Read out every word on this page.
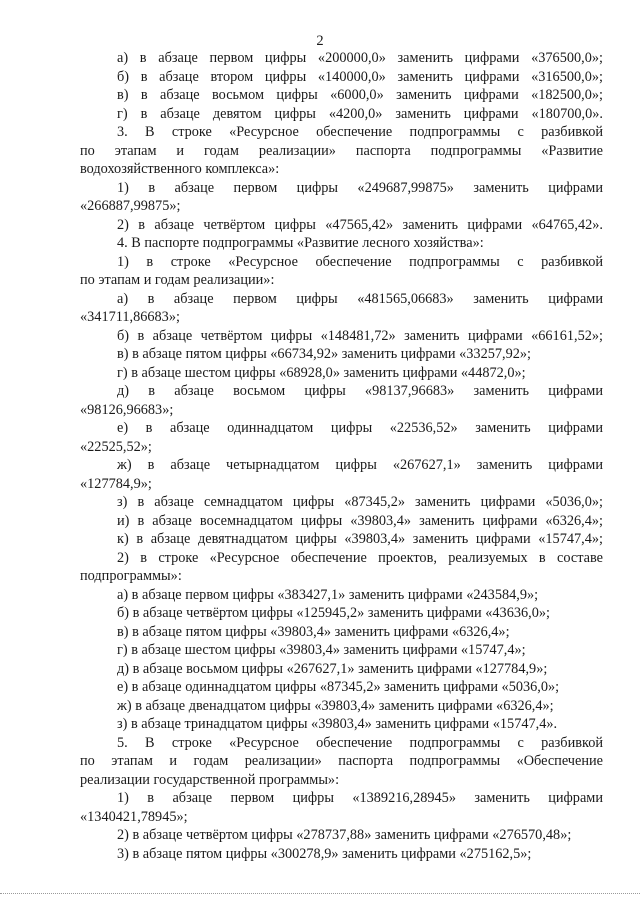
2
а) в абзаце первом цифры «200000,0» заменить цифрами «376500,0»;
б) в абзаце втором цифры «140000,0» заменить цифрами «316500,0»;
в) в абзаце восьмом цифры «6000,0» заменить цифрами «182500,0»;
г) в абзаце девятом цифры «4200,0» заменить цифрами «180700,0».
3. В строке «Ресурсное обеспечение подпрограммы с разбивкой
по этапам и годам реализации» паспорта подпрограммы «Развитие
водохозяйственного комплекса»:
1) в абзаце первом цифры «249687,99875» заменить цифрами
«266887,99875»;
2) в абзаце четвёртом цифры «47565,42» заменить цифрами «64765,42».
4. В паспорте подпрограммы «Развитие лесного хозяйства»:
1) в строке «Ресурсное обеспечение подпрограммы с разбивкой
по этапам и годам реализации»:
а) в абзаце первом цифры «481565,06683» заменить цифрами
«341711,86683»;
б) в абзаце четвёртом цифры «148481,72» заменить цифрами «66161,52»;
в) в абзаце пятом цифры «66734,92» заменить цифрами «33257,92»;
г) в абзаце шестом цифры «68928,0» заменить цифрами «44872,0»;
д) в абзаце восьмом цифры «98137,96683» заменить цифрами
«98126,96683»;
е) в абзаце одиннадцатом цифры «22536,52» заменить цифрами
«22525,52»;
ж) в абзаце четырнадцатом цифры «267627,1» заменить цифрами
«127784,9»;
з) в абзаце семнадцатом цифры «87345,2» заменить цифрами «5036,0»;
и) в абзаце восемнадцатом цифры «39803,4» заменить цифрами «6326,4»;
к) в абзаце девятнадцатом цифры «39803,4» заменить цифрами «15747,4»;
2) в строке «Ресурсное обеспечение проектов, реализуемых в составе
подпрограммы»:
а) в абзаце первом цифры «383427,1» заменить цифрами «243584,9»;
б) в абзаце четвёртом цифры «125945,2» заменить цифрами «43636,0»;
в) в абзаце пятом цифры «39803,4» заменить цифрами «6326,4»;
г) в абзаце шестом цифры «39803,4» заменить цифрами «15747,4»;
д) в абзаце восьмом цифры «267627,1» заменить цифрами «127784,9»;
е) в абзаце одиннадцатом цифры «87345,2» заменить цифрами «5036,0»;
ж) в абзаце двенадцатом цифры «39803,4» заменить цифрами «6326,4»;
з) в абзаце тринадцатом цифры «39803,4» заменить цифрами «15747,4».
5. В строке «Ресурсное обеспечение подпрограммы с разбивкой
по этапам и годам реализации» паспорта подпрограммы «Обеспечение
реализации государственной программы»:
1) в абзаце первом цифры «1389216,28945» заменить цифрами
«1340421,78945»;
2) в абзаце четвёртом цифры «278737,88» заменить цифрами «276570,48»;
3) в абзаце пятом цифры «300278,9» заменить цифрами «275162,5»;
